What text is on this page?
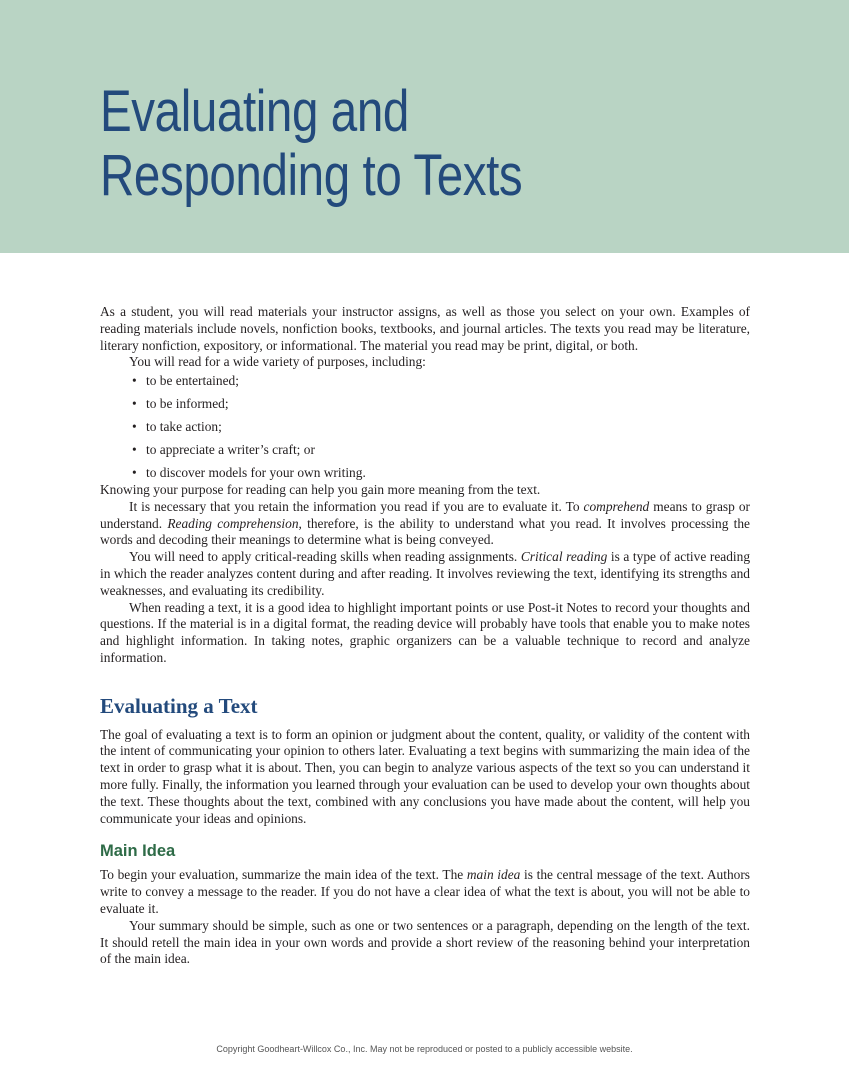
Evaluating and
Responding to Texts

As a student, you will read materials your instructor assigns, as well as those you select on your own. Examples of reading materials include novels, nonfiction books, textbooks, and journal articles. The texts you read may be literature, literary nonfiction, expository, or informational. The material you read may be print, digital, or both.

You will read for a wide variety of purposes, including:

• to be entertained;
• to be informed;
• to take action;
• to appreciate a writer’s craft; or
• to discover models for your own writing.

Knowing your purpose for reading can help you gain more meaning from the text.

It is necessary that you retain the information you read if you are to evaluate it. To comprehend means to grasp or understand. Reading comprehension, therefore, is the ability to understand what you read. It involves processing the words and decoding their meanings to determine what is being conveyed.

You will need to apply critical-reading skills when reading assignments. Critical reading is a type of active reading in which the reader analyzes content during and after reading. It involves reviewing the text, identifying its strengths and weaknesses, and evaluating its credibility.

When reading a text, it is a good idea to highlight important points or use Post-it Notes to record your thoughts and questions. If the material is in a digital format, the reading device will probably have tools that enable you to make notes and highlight information. In taking notes, graphic organizers can be a valuable technique to record and analyze information.

Evaluating a Text

The goal of evaluating a text is to form an opinion or judgment about the content, quality, or validity of the content with the intent of communicating your opinion to others later. Evaluating a text begins with summarizing the main idea of the text in order to grasp what it is about. Then, you can begin to analyze various aspects of the text so you can understand it more fully. Finally, the information you learned through your evaluation can be used to develop your own thoughts about the text. These thoughts about the text, combined with any conclusions you have made about the content, will help you communicate your ideas and opinions.

Main Idea

To begin your evaluation, summarize the main idea of the text. The main idea is the central message of the text. Authors write to convey a message to the reader. If you do not have a clear idea of what the text is about, you will not be able to evaluate it.

Your summary should be simple, such as one or two sentences or a paragraph, depending on the length of the text. It should retell the main idea in your own words and provide a short review of the reasoning behind your interpretation of the main idea.

Copyright Goodheart-Willcox Co., Inc. May not be reproduced or posted to a publicly accessible website.
